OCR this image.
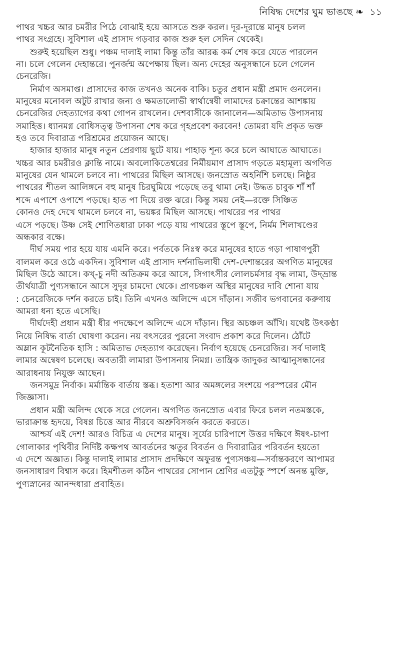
নিষিদ্ধ দেশের ঘুম ভাঙছে ❧ ১১
পাথর খচ্চর আর চমরীর পিঠে বোঝাই হয়ে আসতে শুরু করল। দূর-দূরান্তে মানুষ চলল
পাথর সংগ্রহে। সুবিশাল এই প্রাসাদ গড়বার কাজ শুরু হল সেদিন থেকেই।
শুরুই হয়েছিল শুধু। পঞ্চম দালাই লামা কিন্তু তাঁর আরব্ধ কর্ম শেষ করে যেতে পারলেন
না। চলে গেলেন দেহান্তরে। পুনর্জন্ম অপেক্ষায় ছিল। অন্য দেহের অনুসন্ধানে চলে গেলেন
চেনরেজি।
নির্মাণ অসমাপ্ত। প্রাসাদের কাজ তখনও অনেক বাকি। চতুর প্রধান মন্ত্রী প্রমাদ গুনলেন।
মানুষের মনোবল অটুট রাখার জন্য ও ক্ষমতালোভী স্বার্থান্বেষী লামাদের চক্রান্তের আশঙ্কায়
চেনরেজির দেহত্যাগের কথা গোপন রাখলেন। দেশবাসীকে জানালেন—অমিতাভ উপাসনায়
সমাহিত্ত। ধ্যানমগ্ন বোধিসত্ত্ব উপাসনা শেষ করে গৃহপ্রবেশ করবেন! তোমরা যদি প্রকৃত ভক্ত
হও তবে দিবারাত্র পরিশ্রমের প্রয়োজন আছে।
হাজার হাজার মানুষ নতুন প্রেরণায় ছুটে যায়। পাহাড় শূন্য করে চলে আঘাতে আঘাতে।
খচ্চর আর চমরীরও ক্লান্তি নামে। অবলোকিতেশ্বরের নির্মীয়মাণ প্রাসাদ গড়তে মহামূল্য অগণিত
মানুষের যেন থামলে চলবে না। পাথরের মিছিল আসছে। জনস্রোত অহর্নিশি চলছে। নিষ্ঠুর
পাথরের শীতল আলিঙ্গনে বহু মানুষ চিরঘুমিয়ে পড়েছে তবু থামা নেই। উদ্ধত চাবুক শাঁ শাঁ
শব্দে এপাশে ওপাশে পড়ছে। হাত পা দিয়ে রক্ত ঝরে। কিন্তু সময় নেই—রক্তে সিঞ্চিত
কোনও দেহ দেখে থামলে চলবে না, ভয়ঙ্কর মিছিল আসছে। পাথরের পর পাথর
এসে পড়ছে। উষ্ণ সেই শোণিতধারা ঢাকা পড়ে যায় পাথরের স্তূপে স্তূপে, নির্মম শিলাখণ্ডের
অন্ধকার বক্ষে।
দীর্ঘ সময় পার হয়ে যায় এমনি করে। পর্বতকে নিঃস্ব করে মানুষের হাতে গড়া পাষাণপুরী
বালমল করে ওঠে একদিন। সুবিশাল এই প্রাসাদ দর্শনাভিলাষী দেশ-দেশান্তরের অগণিত মানুষের
মিছিল উঠে আসে। কখ্-চু নদী অতিক্রম করে আসে, সিগাৎসীর লোলচর্মসার বৃদ্ধ লামা, উদ্‌ভ্রান্ত
তীর্থযাত্রী পুণ্যসন্ধানে আসে সুদূর চামদো থেকে। প্রাণচঞ্চল অস্থির মানুষের দাবি শোনা যায়
: চেনরেজিকে দর্শন করতে চাই। তিনি এখনও অলিন্দে এসে দাঁড়ান। সজীব ভগবানের করুণায়
আমরা ধন্য হতে এসেছি।
দীর্ঘদেহী প্রধান মন্ত্রী ধীর পদক্ষেপে অলিন্দে এসে দাঁড়ান। স্থির অচঞ্চল আঁখি। যথেষ্ট উৎকণ্ঠা
নিয়ে নিষিদ্ধ বার্তা ঘোষণা করেন। নয় বৎসরের পুরনো সংবাদ প্রকাশ করে দিলেন। ঠোঁটে
অম্লান কূটনৈতিক হাসি : অমিতাভ দেহত্যাগ করেছেন। নির্বাণ হয়েছে চেনরেজির। সর্ব দালাই
লামার অন্বেষণ চলেছে। অবতারী লামারা উপাসনায় নিমগ্ন। তান্ত্রিক জাদুকর আত্মানুসন্ধানের
আরাধনায় নিযুক্ত আছেন।
জনসমুদ্র নির্বাক। মর্মান্তিক বার্তায় স্তব্ধ। হতাশা আর অমঙ্গলের সংশয়ে পরস্পরের মৌন
জিজ্ঞাসা।
প্রধান মন্ত্রী অলিন্দ থেকে সরে গেলেন। অগণিত জনস্রোত এবার ফিরে চলল নতমস্তকে,
ভারাক্রান্ত হৃদয়ে, বিষণ্ণ চিত্তে আর নীরবে অশ্রুবিসর্জন করতে করতে।
আশ্চর্য এই দেশ! আরও বিচিত্র এ দেশের মানুষ। সূর্যের চারিপাশে উত্তর দক্ষিণে ঈষৎ-চাপা
গোলাকার পৃথিবীর নির্দিষ্ট কক্ষপথ আবর্তনের ঋতুর বিবর্তন ও দিবারাত্রির পরিবর্তন হয়তো
এ দেশে অজ্ঞাত। কিন্তু দালাই লামার প্রাসাদ প্রদক্ষিণে অফুরন্ত পুণ্যসঞ্চয়—সর্বান্তকরণে আপামর
জনসাধারণ বিশ্বাস করে। হিমশীতল কঠিন পাথরের সোপান শ্রেণির এতটুকু স্পর্শে অনন্ত মুক্তি,
পুণ্যস্নানের আনন্দধারা প্রবাহিত।
